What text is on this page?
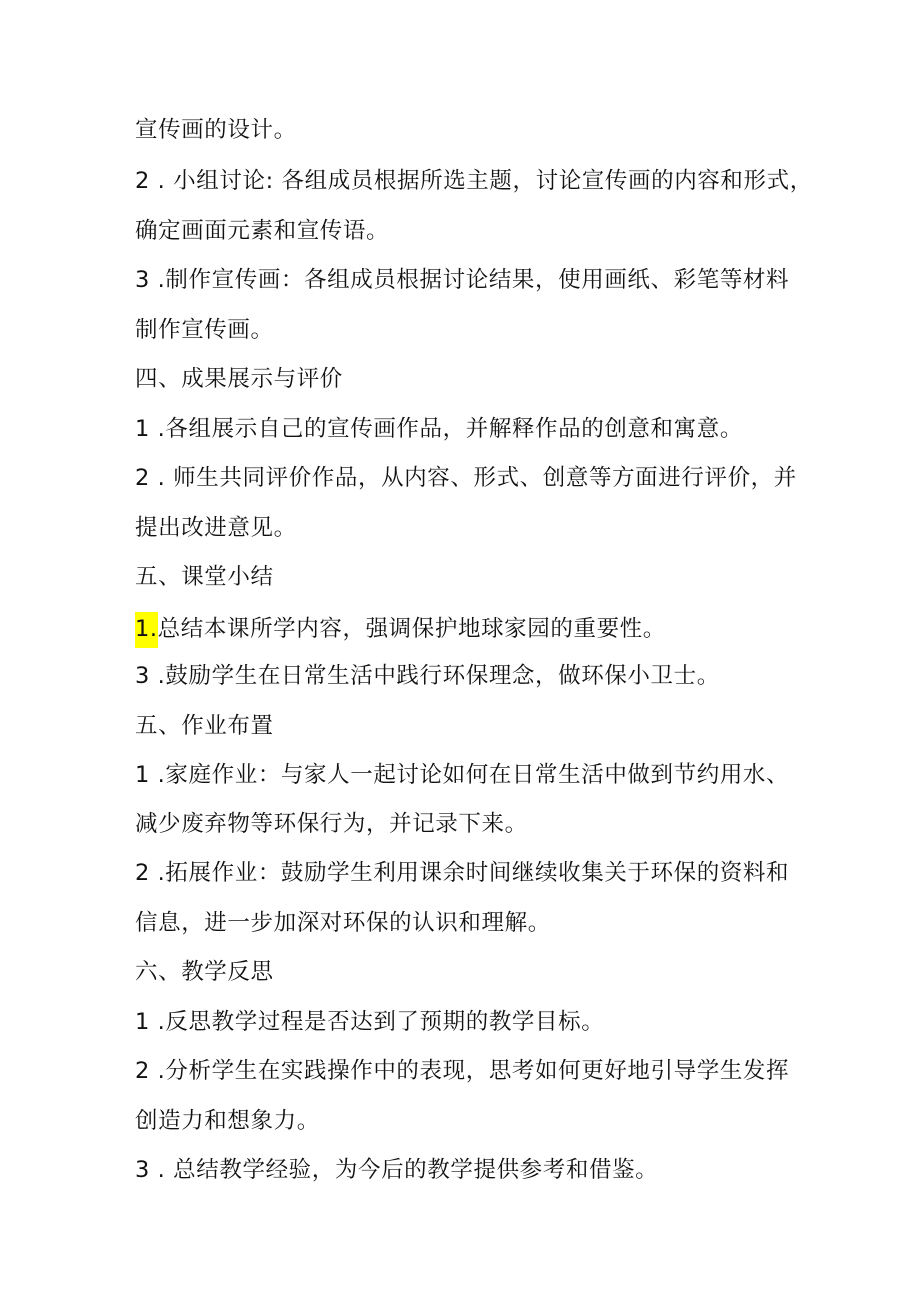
宣传画的设计。
2 . 小组讨论: 各组成员根据所选主题，讨论宣传画的内容和形式，
确定画面元素和宣传语。
3 .制作宣传画：各组成员根据讨论结果，使用画纸、彩笔等材料
制作宣传画。
四、成果展示与评价
1 .各组展示自己的宣传画作品，并解释作品的创意和寓意。
2 . 师生共同评价作品，从内容、形式、创意等方面进行评价，并
提出改进意见。
五、课堂小结
1.总结本课所学内容，强调保护地球家园的重要性。
3 .鼓励学生在日常生活中践行环保理念，做环保小卫士。
五、作业布置
1 .家庭作业：与家人一起讨论如何在日常生活中做到节约用水、
减少废弃物等环保行为，并记录下来。
2 .拓展作业：鼓励学生利用课余时间继续收集关于环保的资料和
信息，进一步加深对环保的认识和理解。
六、教学反思
1 .反思教学过程是否达到了预期的教学目标。
2 .分析学生在实践操作中的表现，思考如何更好地引导学生发挥
创造力和想象力。
3 . 总结教学经验，为今后的教学提供参考和借鉴。
